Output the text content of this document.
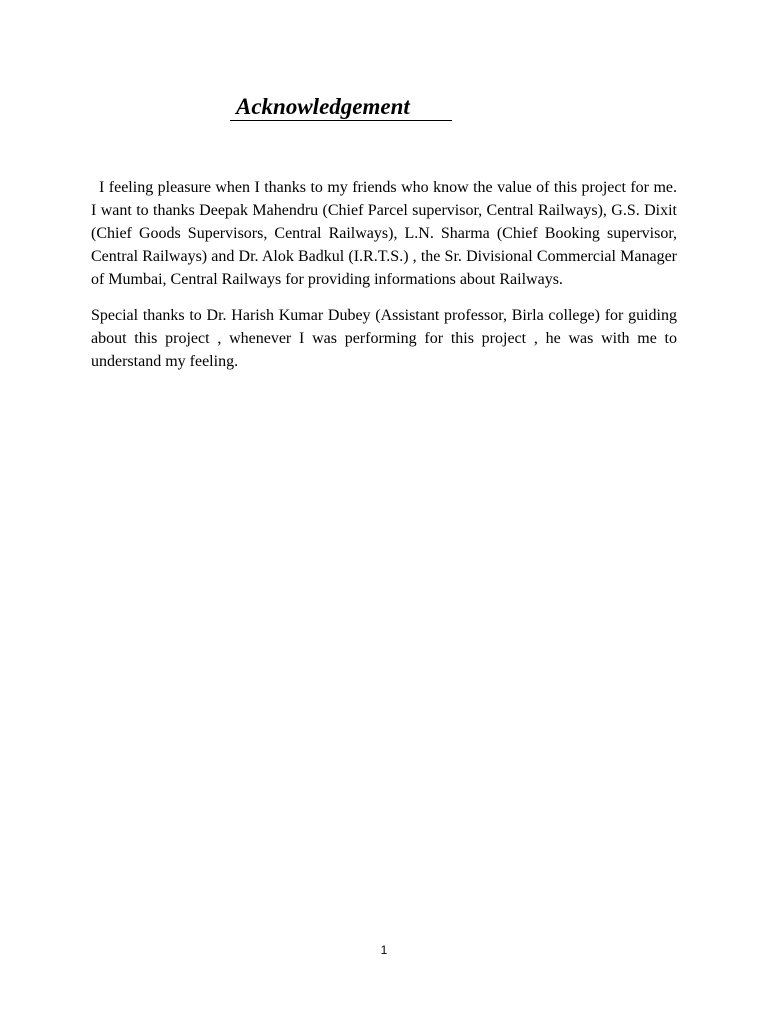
Acknowledgement

I feeling pleasure when I thanks to my friends who know the value of this project for me. I want to thanks Deepak Mahendru (Chief Parcel supervisor, Central Railways), G.S. Dixit (Chief Goods Supervisors, Central Railways), L.N. Sharma (Chief Booking supervisor, Central Railways) and Dr. Alok Badkul (I.R.T.S.) , the Sr. Divisional Commercial Manager of Mumbai, Central Railways for providing informations about Railways.

Special thanks to Dr. Harish Kumar Dubey (Assistant professor, Birla college) for guiding about this project , whenever I was performing for this project , he was with me to understand my feeling.

1
